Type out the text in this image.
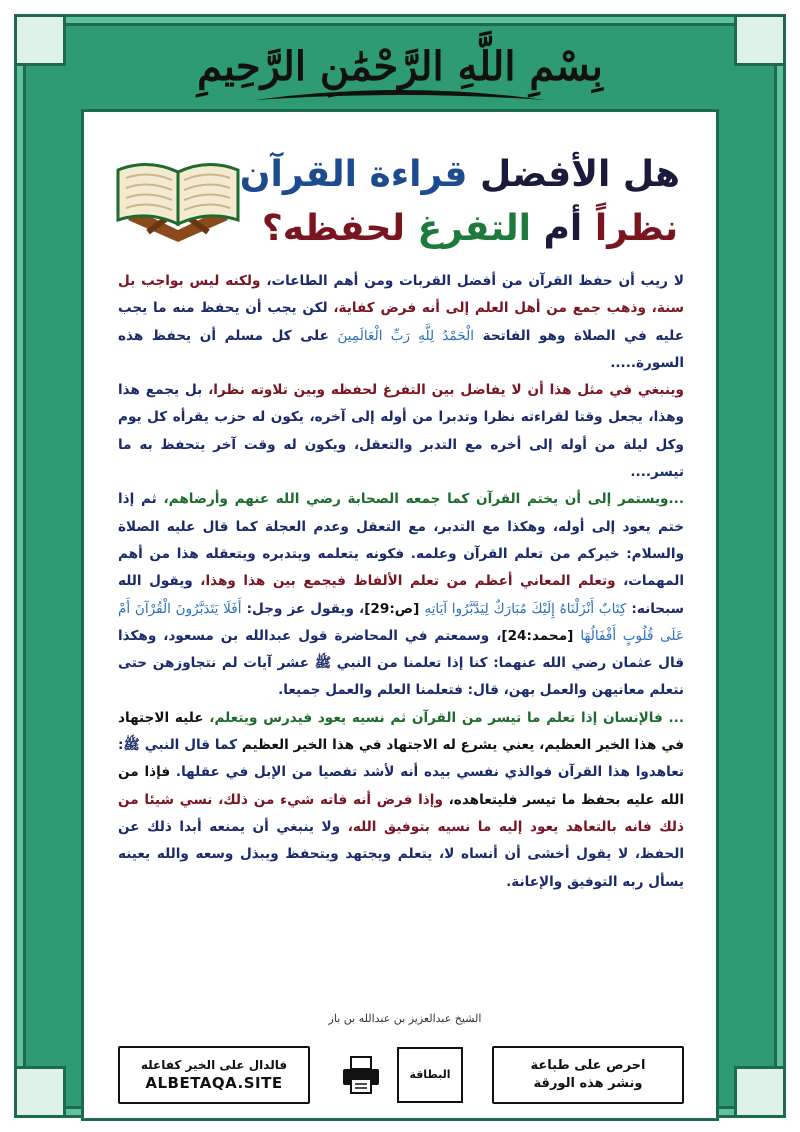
بِسْمِ اللَّهِ الرَّحْمَٰنِ الرَّحِيمِ
هل الأفضل قراءة القرآن
نظراً أم التفرغ لحفظه؟

لا ريب أن حفظ القرآن من أفضل القربات ومن أهم الطاعات، ولكنه ليس بواجب بل سنة، وذهب جمع من أهل العلم إلى أنه فرض كفاية، لكن يجب أن يحفظ منه ما يجب عليه في الصلاة وهو الفاتحة الْحَمْدُ لِلَّهِ رَبِّ الْعَالَمِينَ على كل مسلم أن يحفظ هذه السورة.....

وينبغي في مثل هذا أن لا يفاضل بين التفرغ لحفظه وبين تلاوته نظرا، بل يجمع هذا وهذا، يجعل وقتا لقراءته نظرا وتدبرا من أوله إلى آخره، يكون له حزب يقرأه كل يوم وكل ليلة من أوله إلى أخره مع التدبر والتعقل، ويكون له وقت آخر يتحفظ به ما تيسر....

...ويستمر إلى أن يختم القرآن كما جمعه الصحابة رضي الله عنهم وأرضاهم، ثم إذا ختم يعود إلى أوله، وهكذا مع التدبر، مع التعقل وعدم العجلة كما قال عليه الصلاة والسلام: خيركم من تعلم القرآن وعلمه. فكونه يتعلمه ويتدبره ويتعقله هذا من أهم المهمات، وتعلم المعاني أعظم من تعلم الألفاظ فيجمع بين هذا وهذا، ويقول الله سبحانه: كِتَابٌ أَنْزَلْنَاهُ إِلَيْكَ مُبَارَكٌ لِيَدَّبَّرُوا آيَاتِهِ [ص:29]، ويقول عز وجل: أَفَلَا يَتَدَبَّرُونَ الْقُرْآنَ أَمْ عَلَى قُلُوبٍ أَقْفَالُهَا [محمد:24]، وسمعتم في المحاضرة قول عبدالله بن مسعود، وهكذا قال عثمان رضي الله عنهما: كنا إذا تعلمنا من النبي ﷺ عشر آيات لم نتجاوزهن حتى نتعلم معانيهن والعمل بهن، قال: فتعلمنا العلم والعمل جميعا.

... فالإنسان إذا تعلم ما تيسر من القرآن ثم نسيه يعود فيدرس ويتعلم، عليه الاجتهاد في هذا الخير العظيم، يعني يشرع له الاجتهاد في هذا الخير العظيم كما قال النبي ﷺ: تعاهدوا هذا القرآن فوالذي نفسي بيده أنه لأشد تفصيا من الإبل في عقلها. فإذا من الله عليه بحفظ ما تيسر فليتعاهده، وإذا فرض أنه فاته شيء من ذلك، نسي شيئا من ذلك فانه بالتعاهد يعود إليه ما نسيه بتوفيق الله، ولا ينبغي أن يمنعه أبدا ذلك عن الحفظ، لا يقول أخشى أن أنساه لا، يتعلم ويجتهد ويتحفظ ويبذل وسعه والله يعينه يسأل ربه التوفيق والإعانة.

الشيخ عبدالعزيز بن عبدالله بن باز
فالدال على الخير كفاعله
ALBETAQA.SITE	البطاقة
احرص على طباعة
ونشر هذه الورقة
